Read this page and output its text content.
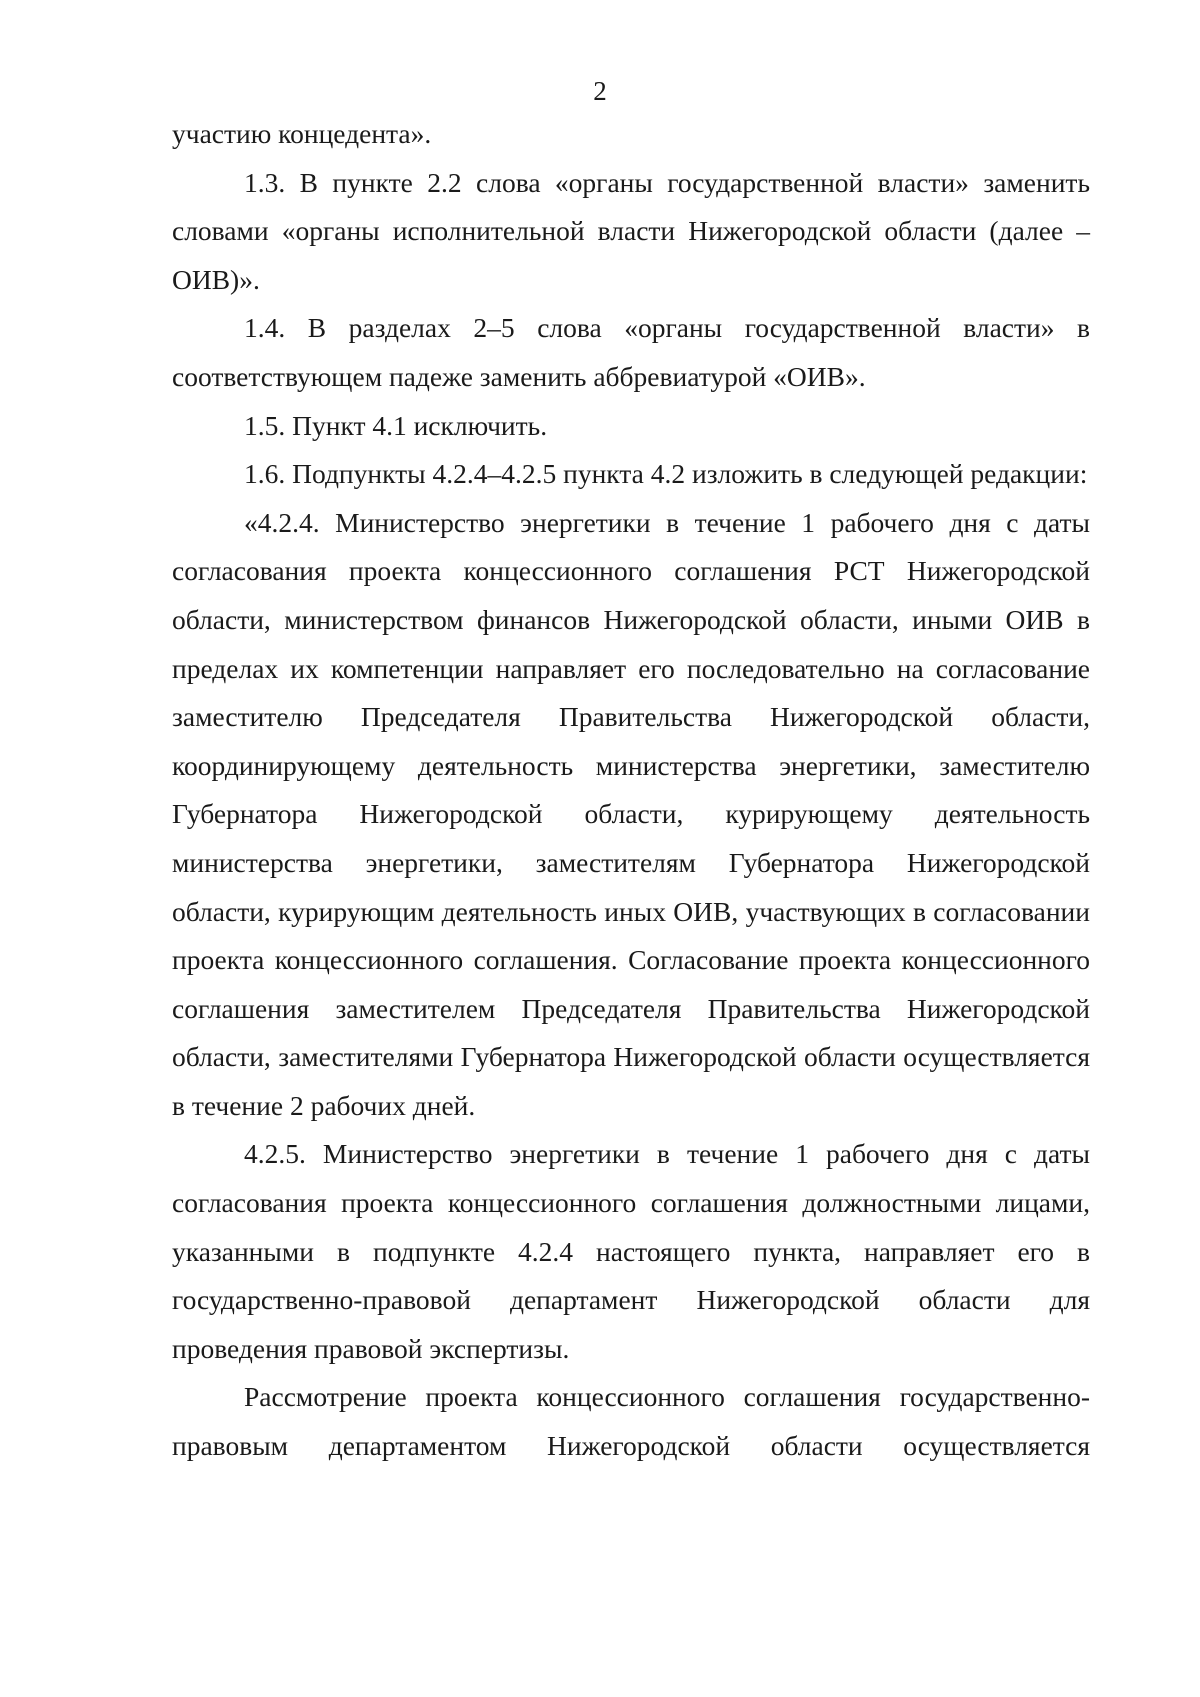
2

участию концедента».

1.3. В пункте 2.2 слова «органы государственной власти» заменить словами «органы исполнительной власти Нижегородской области (далее – ОИВ)».

1.4. В разделах 2–5 слова «органы государственной власти» в соответствующем падеже заменить аббревиатурой «ОИВ».

1.5. Пункт 4.1 исключить.

1.6. Подпункты 4.2.4–4.2.5 пункта 4.2 изложить в следующей редакции:

«4.2.4. Министерство энергетики в течение 1 рабочего дня с даты согласования проекта концессионного соглашения РСТ Нижегородской области, министерством финансов Нижегородской области, иными ОИВ в пределах их компетенции направляет его последовательно на согласование заместителю Председателя Правительства Нижегородской области, координирующему деятельность министерства энергетики, заместителю Губернатора Нижегородской области, курирующему деятельность министерства энергетики, заместителям Губернатора Нижегородской области, курирующим деятельность иных ОИВ, участвующих в согласовании проекта концессионного соглашения. Согласование проекта концессионного соглашения заместителем Председателя Правительства Нижегородской области, заместителями Губернатора Нижегородской области осуществляется в течение 2 рабочих дней.

4.2.5. Министерство энергетики в течение 1 рабочего дня с даты согласования проекта концессионного соглашения должностными лицами, указанными в подпункте 4.2.4 настоящего пункта, направляет его в государственно-правовой департамент Нижегородской области для проведения правовой экспертизы.

Рассмотрение проекта концессионного соглашения государственно-правовым департаментом Нижегородской области осуществляется
